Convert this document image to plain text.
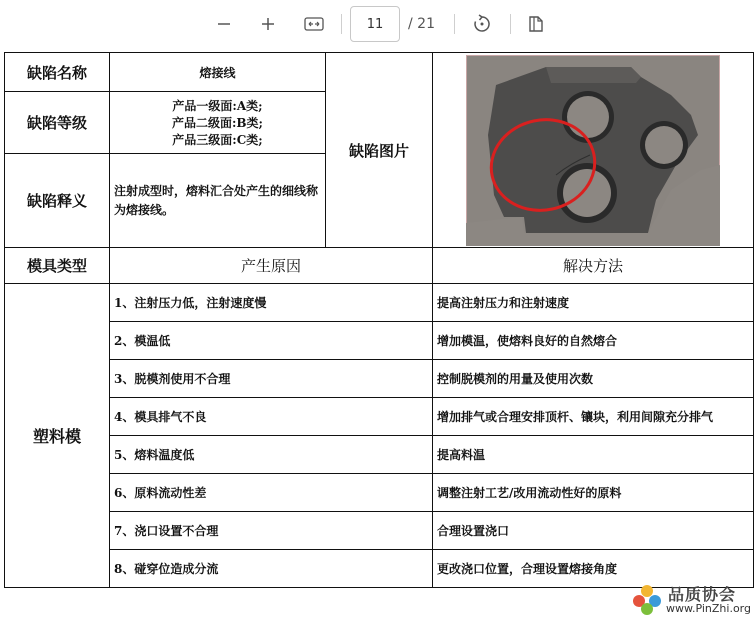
11
/ 21
缺陷名称	熔接线	缺陷图片	

缺陷等级	产品一级面:A类;
产品二级面:B类;
产品三级面:C类;		

缺陷释义	注射成型时，熔料汇合处产生的细线称为熔接线。		
模具类型	产生原因		解决方法
塑料模	1、注射压力低，注射速度慢		提高注射压力和注射速度
	2、模温低		增加模温，使熔料良好的自然熔合
	3、脱模剂使用不合理		控制脱模剂的用量及使用次数
	4、模具排气不良		增加排气或合理安排顶杆、镶块，利用间隙充分排气
	5、熔料温度低		提高料温
	6、原料流动性差		调整注射工艺/改用流动性好的原料
	7、浇口设置不合理		合理设置浇口
	8、碰穿位造成分流		更改浇口位置，合理设置熔接角度
品质协会
www.PinZhi.org
